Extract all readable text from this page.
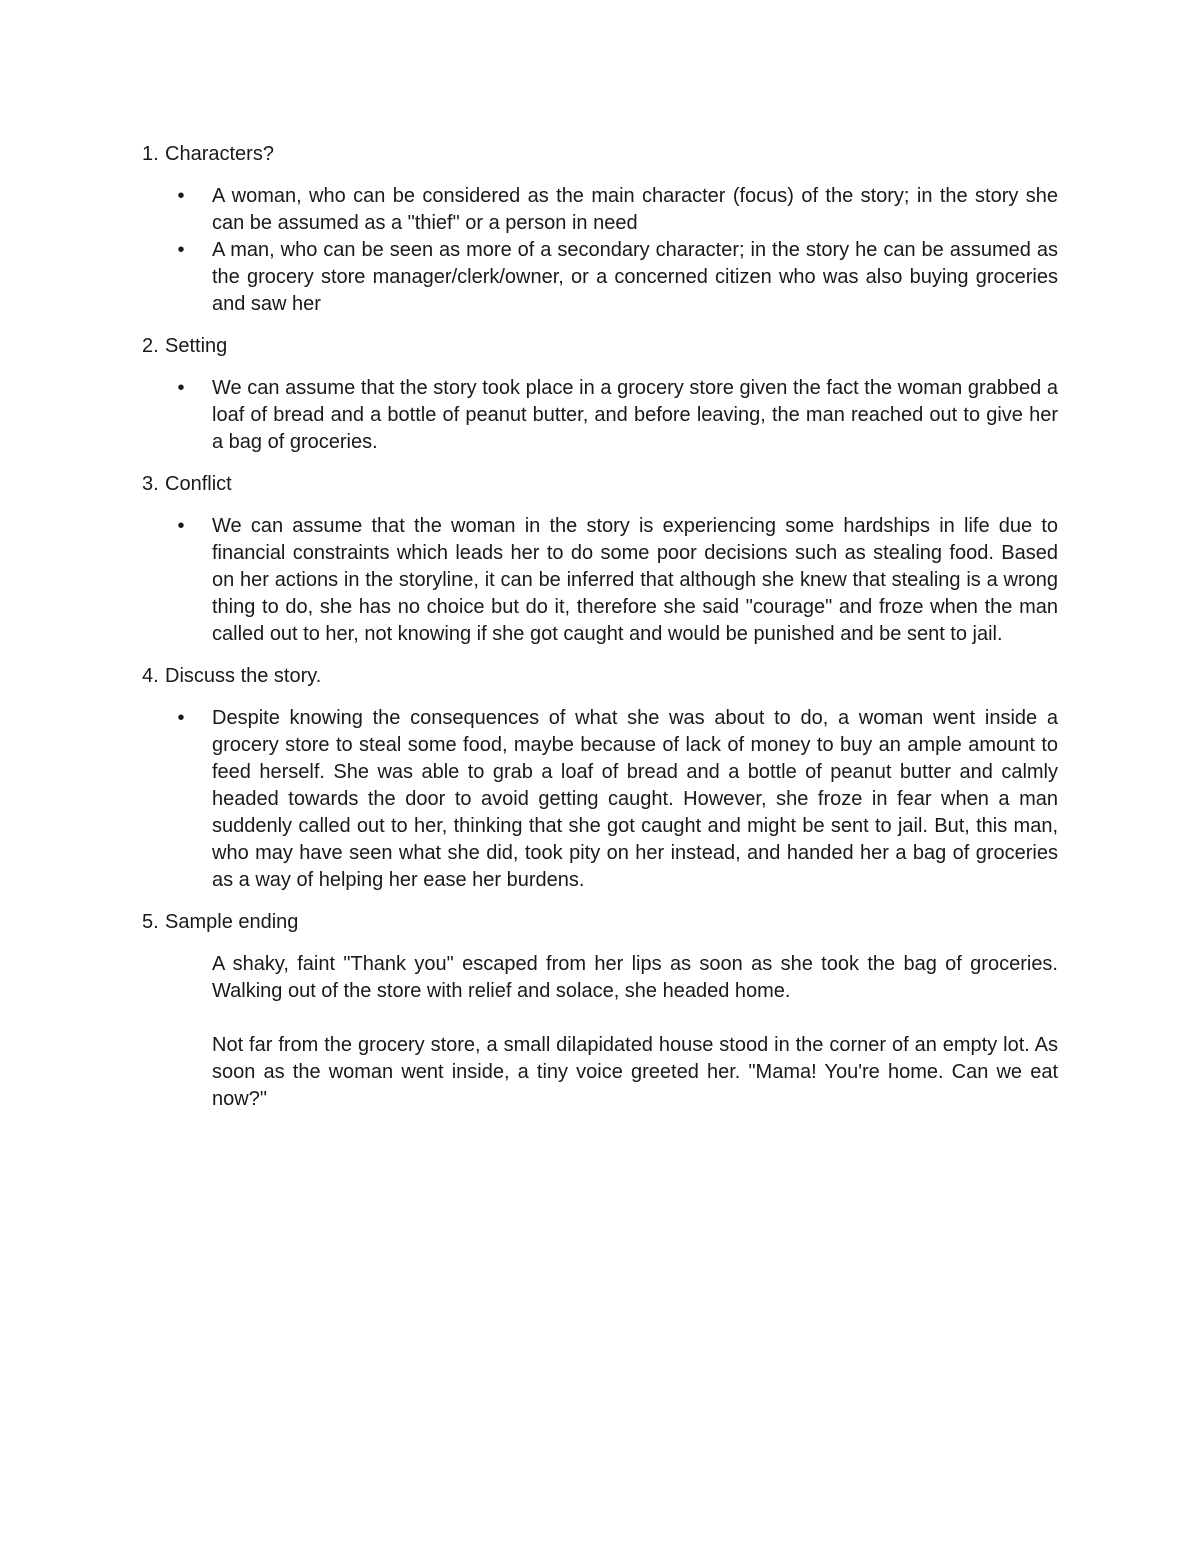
1. Characters?
• A woman, who can be considered as the main character (focus) of the story; in the story she can be assumed as a "thief" or a person in need
• A man, who can be seen as more of a secondary character; in the story he can be assumed as the grocery store manager/clerk/owner, or a concerned citizen who was also buying groceries and saw her
2. Setting
• We can assume that the story took place in a grocery store given the fact the woman grabbed a loaf of bread and a bottle of peanut butter, and before leaving, the man reached out to give her a bag of groceries.
3. Conflict
• We can assume that the woman in the story is experiencing some hardships in life due to financial constraints which leads her to do some poor decisions such as stealing food. Based on her actions in the storyline, it can be inferred that although she knew that stealing is a wrong thing to do, she has no choice but do it, therefore she said "courage" and froze when the man called out to her, not knowing if she got caught and would be punished and be sent to jail.
4. Discuss the story.
• Despite knowing the consequences of what she was about to do, a woman went inside a grocery store to steal some food, maybe because of lack of money to buy an ample amount to feed herself. She was able to grab a loaf of bread and a bottle of peanut butter and calmly headed towards the door to avoid getting caught. However, she froze in fear when a man suddenly called out to her, thinking that she got caught and might be sent to jail. But, this man, who may have seen what she did, took pity on her instead, and handed her a bag of groceries as a way of helping her ease her burdens.
5. Sample ending

A shaky, faint "Thank you" escaped from her lips as soon as she took the bag of groceries. Walking out of the store with relief and solace, she headed home.

Not far from the grocery store, a small dilapidated house stood in the corner of an empty lot. As soon as the woman went inside, a tiny voice greeted her. "Mama! You're home. Can we eat now?"
